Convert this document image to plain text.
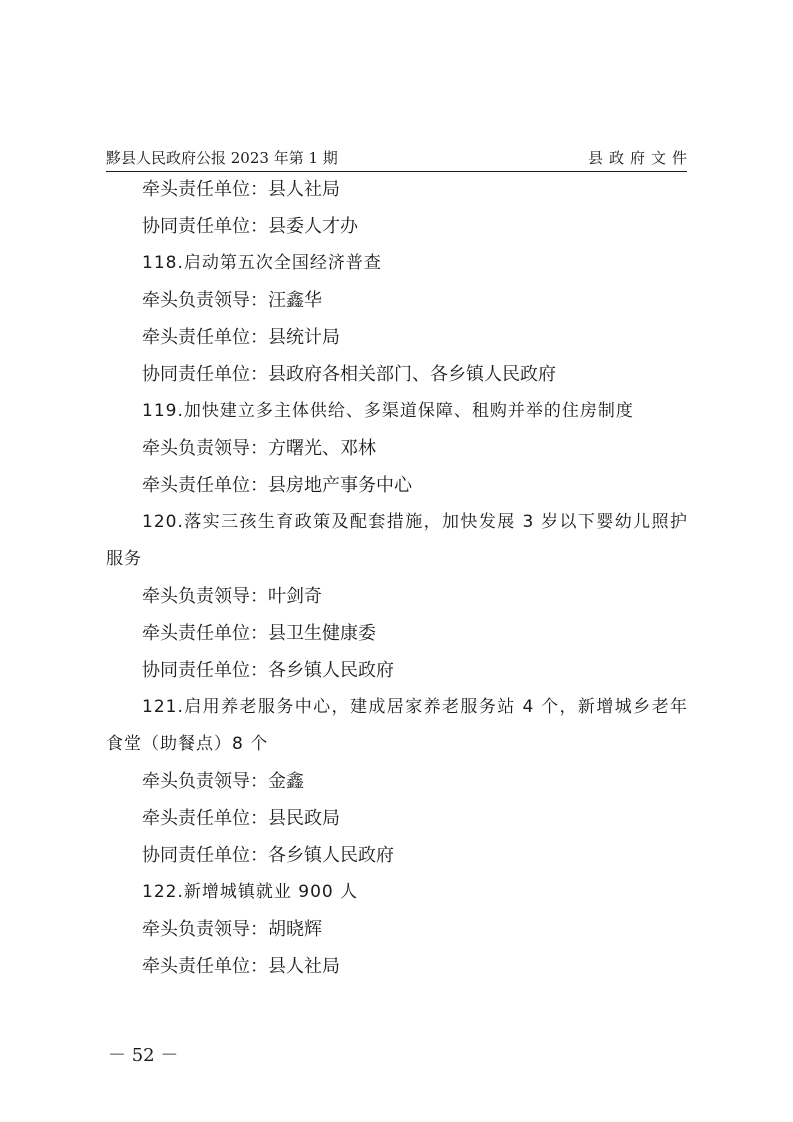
黟县人民政府公报 2023 年第 1 期	县政府文件
牵头责任单位：县人社局
协同责任单位：县委人才办
118.启动第五次全国经济普查
牵头负责领导：汪鑫华
牵头责任单位：县统计局
协同责任单位：县政府各相关部门、各乡镇人民政府
119.加快建立多主体供给、多渠道保障、租购并举的住房制度
牵头负责领导：方曙光、邓林
牵头责任单位：县房地产事务中心
120.落实三孩生育政策及配套措施，加快发展 3 岁以下婴幼儿照护
服务
牵头负责领导：叶剑奇
牵头责任单位：县卫生健康委
协同责任单位：各乡镇人民政府
121.启用养老服务中心，建成居家养老服务站 4 个，新增城乡老年
食堂（助餐点）8 个
牵头负责领导：金鑫
牵头责任单位：县民政局
协同责任单位：各乡镇人民政府
122.新增城镇就业 900 人
牵头负责领导：胡晓辉
牵头责任单位：县人社局
－ 52 －
